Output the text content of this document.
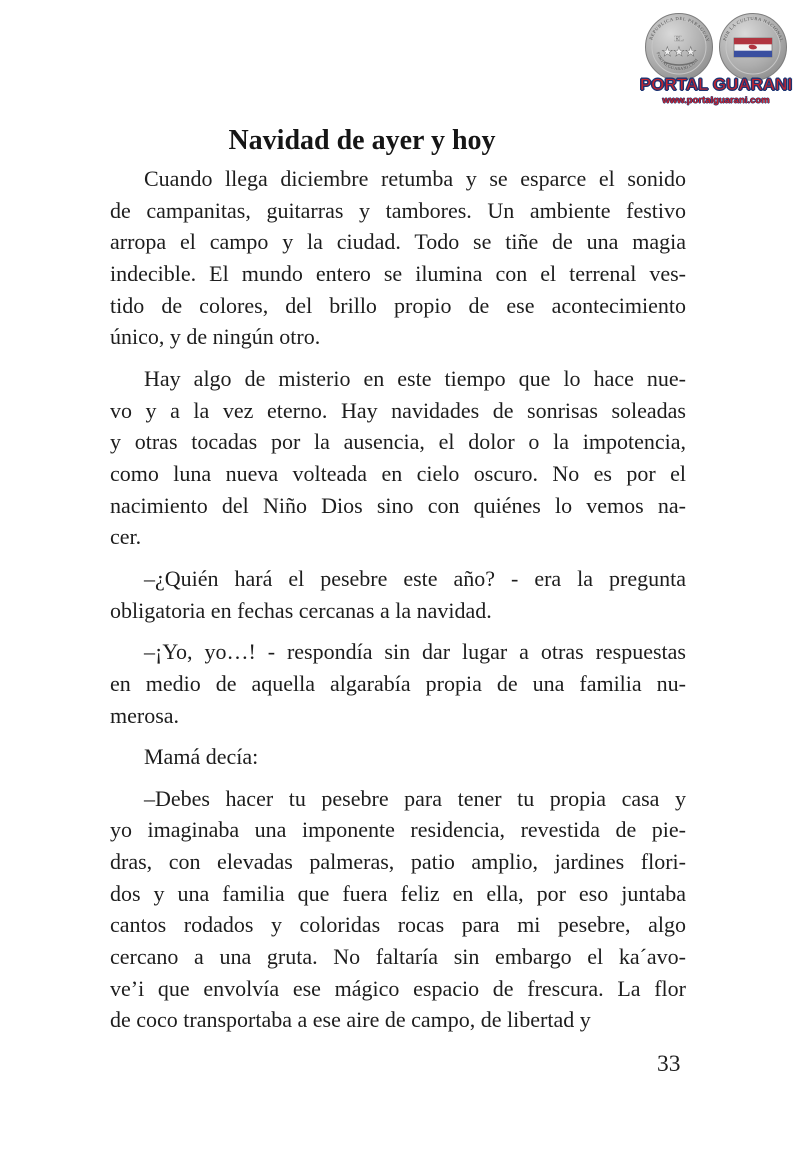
REPUBLICA DEL PARAGUAY
PORTALGUARANI.COM
EL
★★★
POR LA CULTURA NACIONAL
PORTAL GUARANI
www.portalguarani.com
Navidad de ayer y hoy
Cuando llega diciembre retumba y se esparce el sonido
de campanitas, guitarras y tambores. Un ambiente festivo
arropa el campo y la ciudad. Todo se tiñe de una magia
indecible. El mundo entero se ilumina con el terrenal ves-
tido de colores, del brillo propio de ese acontecimiento
único, y de ningún otro.
Hay algo de misterio en este tiempo que lo hace nue-
vo y a la vez eterno. Hay navidades de sonrisas soleadas
y otras tocadas por la ausencia, el dolor o la impotencia,
como luna nueva volteada en cielo oscuro. No es por el
nacimiento del Niño Dios sino con quiénes lo vemos na-
cer.
–¿Quién hará el pesebre este año? - era la pregunta
obligatoria en fechas cercanas a la navidad.
–¡Yo, yo…! - respondía sin dar lugar a otras respuestas
en medio de aquella algarabía propia de una familia nu-
merosa.
Mamá decía:
–Debes hacer tu pesebre para tener tu propia casa y
yo imaginaba una imponente residencia, revestida de pie-
dras, con elevadas palmeras, patio amplio, jardines flori-
dos y una familia que fuera feliz en ella, por eso juntaba
cantos rodados y coloridas rocas para mi pesebre, algo
cercano a una gruta. No faltaría sin embargo el ka´avo-
ve’i que envolvía ese mágico espacio de frescura. La flor
de coco transportaba a ese aire de campo, de libertad y
33
